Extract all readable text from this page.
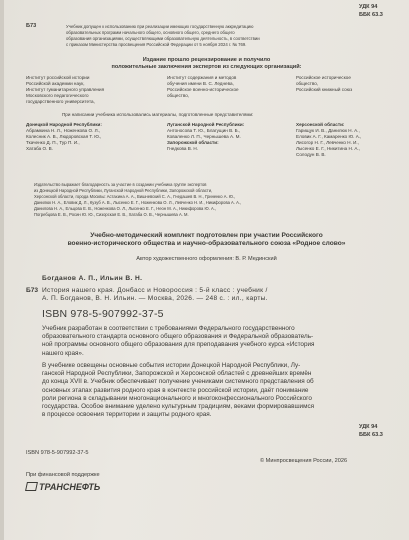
УДК 94
ББК 63.3
Б73	Учебник допущен к использованию при реализации имеющих государственную аккредитацию
образовательных программ начального общего, основного общего, среднего общего
образования организациями, осуществляющими образовательную деятельность, в соответствии
с приказом Министерства просвещения Российской Федерации от 5 ноября 2024 г. № 769.
Издание прошло рецензирование и получило
положительные заключения экспертов из следующих организаций:
Институт российской истории
Российской академии наук,
Институт гуманитарного управления
Московского педагогического
государственного университета,
Институт содержания и методов
обучения имени В. С. Леднева,
Российское военно-историческое
общество,
Российское историческое
общество,
Российский книжный союз
При написании учебника использовались материалы, подготовленные представителями:
Донецкой Народной Республики:
Абрамкина Н. Л., Ноженкова О. Л.,
Колесник А. В., Людоровская Т. Ю.,
Ткаченко Д. П., Тур П. И.,
Хатаба О. В.
Луганской Народной Республики:
Антоносова Т. Ю., Благущин В. Б.,
Коваленко Л. П., Чернышева А. М.
Запорожской области:
Гнедкова В. Н.
Херсонской области:
Гарищук И. В., Данилюк Н. А.,
Еловик А. Г., Камаренко Ю. А.,
Лисогор Н. Г., Левченко Н. И.,
Лысенко Е. Г., Никитина Н. А.,
Солодун В. В.
Издательство выражает благодарность за участие в создании учебника группе экспертов
из Донецкой Народной Республики, Луганской Народной Республики, Запорожской области,
Херсонской области, города Москвы: Астахина А. А., Вишневский С. А., Гнедашев В. Н., Гриненко А. Ю.,
Данилюк Н. А., Еловик Д. Л., Кузуб А. В., Лысенко Е. Г., Ноженкова О. Л., Левченко Н. И., Никифорова А. А.,
Данилова Н. А., Ельцова Е. В., Ноженкова О. Л., Лысенко Е. Г., Неон М. А., Никифорова Ю. А.,
Погребцова Е. В., Росин Ю. Ю., Сизорская Е. В., Хатаба О. В., Чернышева А. М.
Учебно-методический комплект подготовлен при участии Российского
военно-исторического общества и научно-образовательного союза «Родное слово»
Автор художественного оформления: В. Р. Мединский
Богданов А. П., Ильин В. Н.
Б73 История нашего края. Донбасс и Новороссия : 5-й класс : учебник /
А. П. Богданов, В. Н. Ильин. — Москва, 2026. — 248 с. : ил., карты.
ISBN 978-5-907992-37-5
Учебник разработан в соответствии с требованиями Федерального государственного
образовательного стандарта основного общего образования и Федеральной образователь-
ной программы основного общего образования для преподавания учебного курса «История
нашего края».
В учебнике освещены основные события истории Донецкой Народной Республики, Лу-
ганской Народной Республики, Запорожской и Херсонской областей с древнейших времён
до конца XVII в. Учебник обеспечивает получение учениками системного представления об
основных этапах развития родного края в контексте российской истории, даёт понимание
роли региона в складывании многонационального и многоконфессионального Российского
государства. Особое внимание уделено культурным традициям, веками формировавшимся
в процессе освоения территории и защиты родного края.
УДК 94
ББК 63.3
ISBN 978-5-907992-37-5
© Минпросвещения России, 2026
При финансовой поддержке
ТРАНСНЕФТЬ
